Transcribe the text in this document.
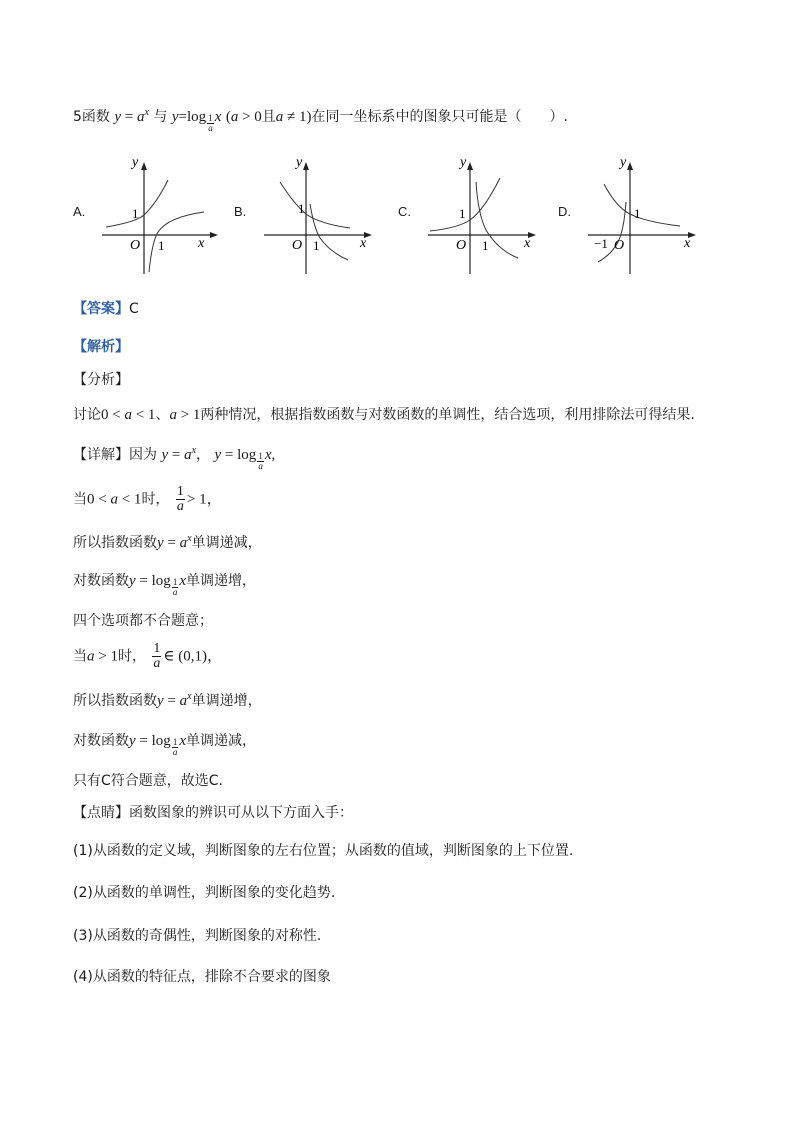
5函数 $y = a^x$ 与 $y=\log \frac{1}{a}$ x (a > 0且a ≠ 1)在同一坐标系中的图象只可能是（　　）.
A.	B.	C.	D.
y
x
O
1
1
y
x
O
1
1
y
x
O
1
1
y
x
O
1
−1
【答案】C
【解析】
【分析】
讨论0 < a < 1、a > 1两种情况，根据指数函数与对数函数的单调性，结合选项，利用排除法可得结果.
【详解】因为 $y = a^x$， $y = \log \frac{1}{a} x$,
当0 < a < 1时， $\frac{1}{a} > 1$，
所以指数函数$y = a^x$单调递减，
对数函数$y = \log \frac{1}{a}$ x单调递增，
四个选项都不合题意；
当a > 1时， $\frac{1}{a}$ ∈ (0,1)，
所以指数函数$y = a^x$单调递增，
对数函数$y = \log \frac{1}{a}$ x单调递减，
只有C符合题意，故选C.
【点睛】函数图象的辨识可从以下方面入手：
(1)从函数的定义域，判断图象的左右位置；从函数的值域，判断图象的上下位置.
(2)从函数的单调性，判断图象的变化趋势.
(3)从函数的奇偶性，判断图象的对称性.
(4)从函数的特征点，排除不合要求的图象
